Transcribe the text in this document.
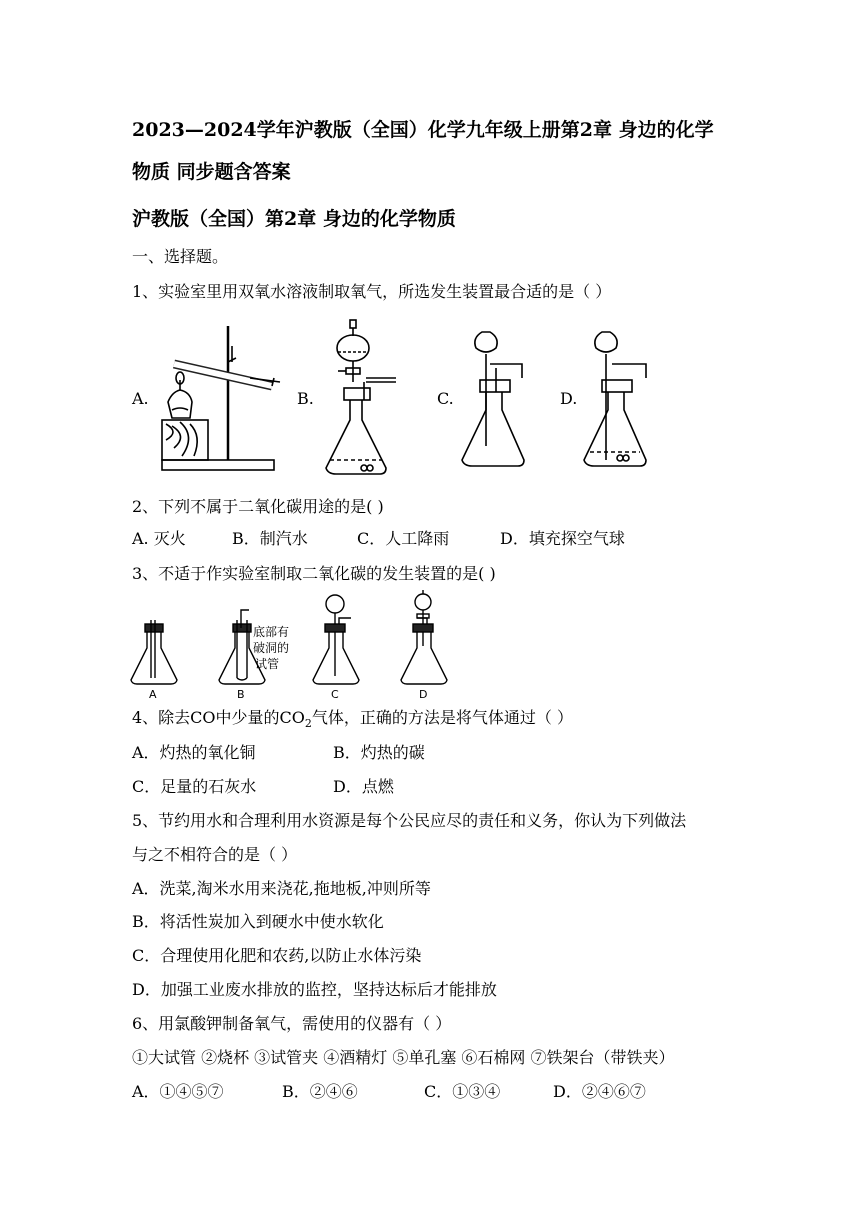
2023—2024学年沪教版（全国）化学九年级上册第2章 身边的化学
物质 同步题含答案
沪教版（全国）第2章 身边的化学物质
一、选择题。
1、实验室里用双氧水溶液制取氧气，所选发生装置最合适的是（ ）
A.	B.	C.	D.
2、下列不属于二氧化碳用途的是( )
A. 灭火	B．制汽水	C．人工降雨	D．填充探空气球
3、不适于作实验室制取二氧化碳的发生装置的是( )
A	B	C	D
底部有
破洞的
试管
4、除去CO中少量的$CO_2$气体，正确的方法是将气体通过（ ）
A．灼热的氧化铜	B．灼热的碳
C．足量的石灰水	D．点燃
5、节约用水和合理利用水资源是每个公民应尽的责任和义务，你认为下列做法
与之不相符合的是（ ）
A．洗菜,淘米水用来浇花,拖地板,冲则所等
B．将活性炭加入到硬水中使水软化
C．合理使用化肥和农药,以防止水体污染
D．加强工业废水排放的监控，坚持达标后才能排放
6、用氯酸钾制备氧气，需使用的仪器有（ ）
①大试管 ②烧杯 ③试管夹 ④酒精灯 ⑤单孔塞 ⑥石棉网 ⑦铁架台（带铁夹）
A．①④⑤⑦	B．②④⑥	C．①③④	D．②④⑥⑦
